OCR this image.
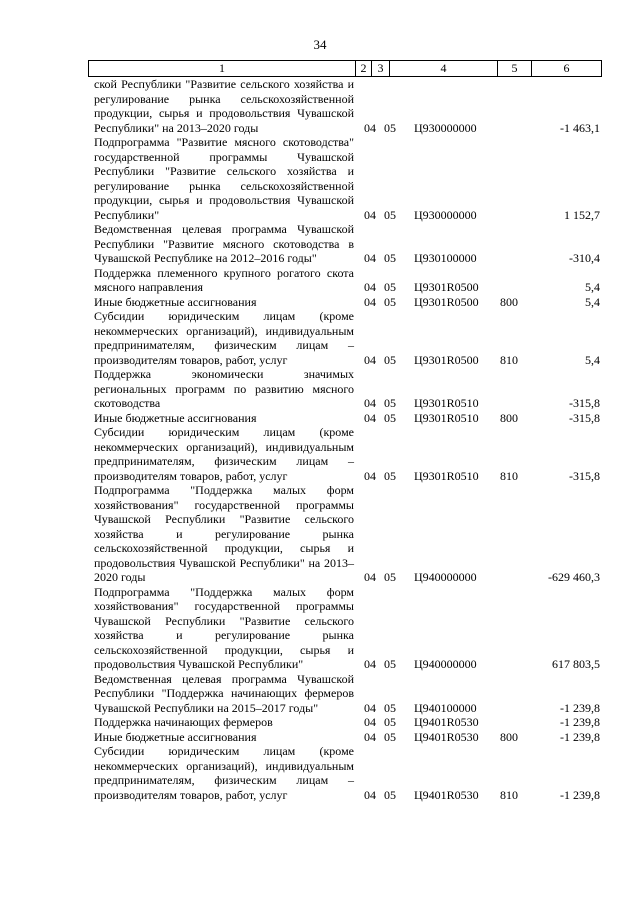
34
1	2 3	4	5	6
ской Республики "Развитие сельского хозяйства и регулирование рынка сельскохозяйственной продукции, сырья и продовольствия Чувашской Республики" на 2013–2020 годы	04 05 Ц930000000	-1 463,1
Подпрограмма "Развитие мясного скотоводства" государственной программы Чувашской Республики "Развитие сельского хозяйства и регулирование рынка сельскохозяйственной продукции, сырья и продовольствия Чувашской Республики"	04 05 Ц930000000	1 152,7
Ведомственная целевая программа Чувашской Республики "Развитие мясного скотоводства в Чувашской Республике на 2012–2016 годы"	04 05 Ц930100000	-310,4
Поддержка племенного крупного рогатого скота мясного направления	04 05 Ц9301R0500	5,4
Иные бюджетные ассигнования	04 05 Ц9301R0500 800	5,4
Субсидии юридическим лицам (кроме некоммерческих организаций), индивидуальным предпринимателям, физическим лицам – производителям товаров, работ, услуг	04 05 Ц9301R0500 810	5,4
Поддержка экономически значимых региональных программ по развитию мясного скотоводства	04 05 Ц9301R0510	-315,8
Иные бюджетные ассигнования	04 05 Ц9301R0510 800	-315,8
Субсидии юридическим лицам (кроме некоммерческих организаций), индивидуальным предпринимателям, физическим лицам – производителям товаров, работ, услуг	04 05 Ц9301R0510 810	-315,8
Подпрограмма "Поддержка малых форм хозяйствования" государственной программы Чувашской Республики "Развитие сельского хозяйства и регулирование рынка сельскохозяйственной продукции, сырья и продовольствия Чувашской Республики" на 2013–2020 годы	04 05 Ц940000000	-629 460,3
Подпрограмма "Поддержка малых форм хозяйствования" государственной программы Чувашской Республики "Развитие сельского хозяйства и регулирование рынка сельскохозяйственной продукции, сырья и продовольствия Чувашской Республики"	04 05 Ц940000000	617 803,5
Ведомственная целевая программа Чувашской Республики "Поддержка начинающих фермеров Чувашской Республики на 2015–2017 годы"	04 05 Ц940100000	-1 239,8
Поддержка начинающих фермеров	04 05 Ц9401R0530	-1 239,8
Иные бюджетные ассигнования	04 05 Ц9401R0530 800	-1 239,8
Субсидии юридическим лицам (кроме некоммерческих организаций), индивидуальным предпринимателям, физическим лицам – производителям товаров, работ, услуг	04 05 Ц9401R0530 810	-1 239,8
